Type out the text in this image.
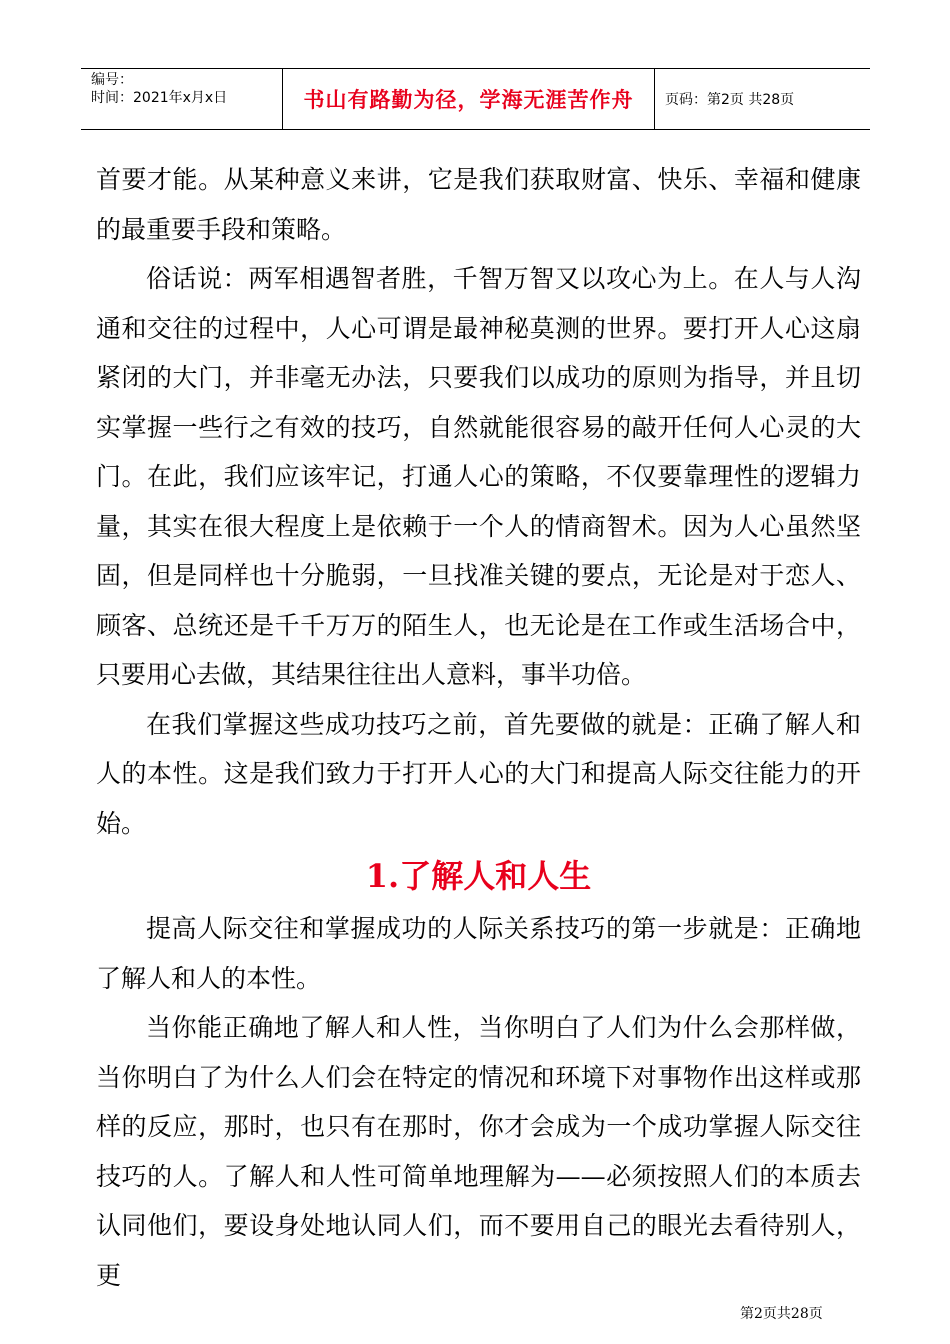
编号：
时间：2021年x月x日	书山有路勤为径，学海无涯苦作舟	页码：第2页 共28页

首要才能。从某种意义来讲，它是我们获取财富、快乐、幸福和健康的最重要手段和策略。

俗话说：两军相遇智者胜，千智万智又以攻心为上。在人与人沟通和交往的过程中，人心可谓是最神秘莫测的世界。要打开人心这扇紧闭的大门，并非毫无办法，只要我们以成功的原则为指导，并且切实掌握一些行之有效的技巧，自然就能很容易的敲开任何人心灵的大门。在此，我们应该牢记，打通人心的策略，不仅要靠理性的逻辑力量，其实在很大程度上是依赖于一个人的情商智术。因为人心虽然坚固，但是同样也十分脆弱，一旦找准关键的要点，无论是对于恋人、顾客、总统还是千千万万的陌生人，也无论是在工作或生活场合中，只要用心去做，其结果往往出人意料，事半功倍。

在我们掌握这些成功技巧之前，首先要做的就是：正确了解人和人的本性。这是我们致力于打开人心的大门和提高人际交往能力的开始。

1.了解人和人生

提高人际交往和掌握成功的人际关系技巧的第一步就是：正确地了解人和人的本性。

当你能正确地了解人和人性，当你明白了人们为什么会那样做，当你明白了为什么人们会在特定的情况和环境下对事物作出这样或那样的反应，那时，也只有在那时，你才会成为一个成功掌握人际交往技巧的人。了解人和人性可简单地理解为——必须按照人们的本质去认同他们，要设身处地认同人们，而不要用自己的眼光去看待别人，更

第2页共28页
